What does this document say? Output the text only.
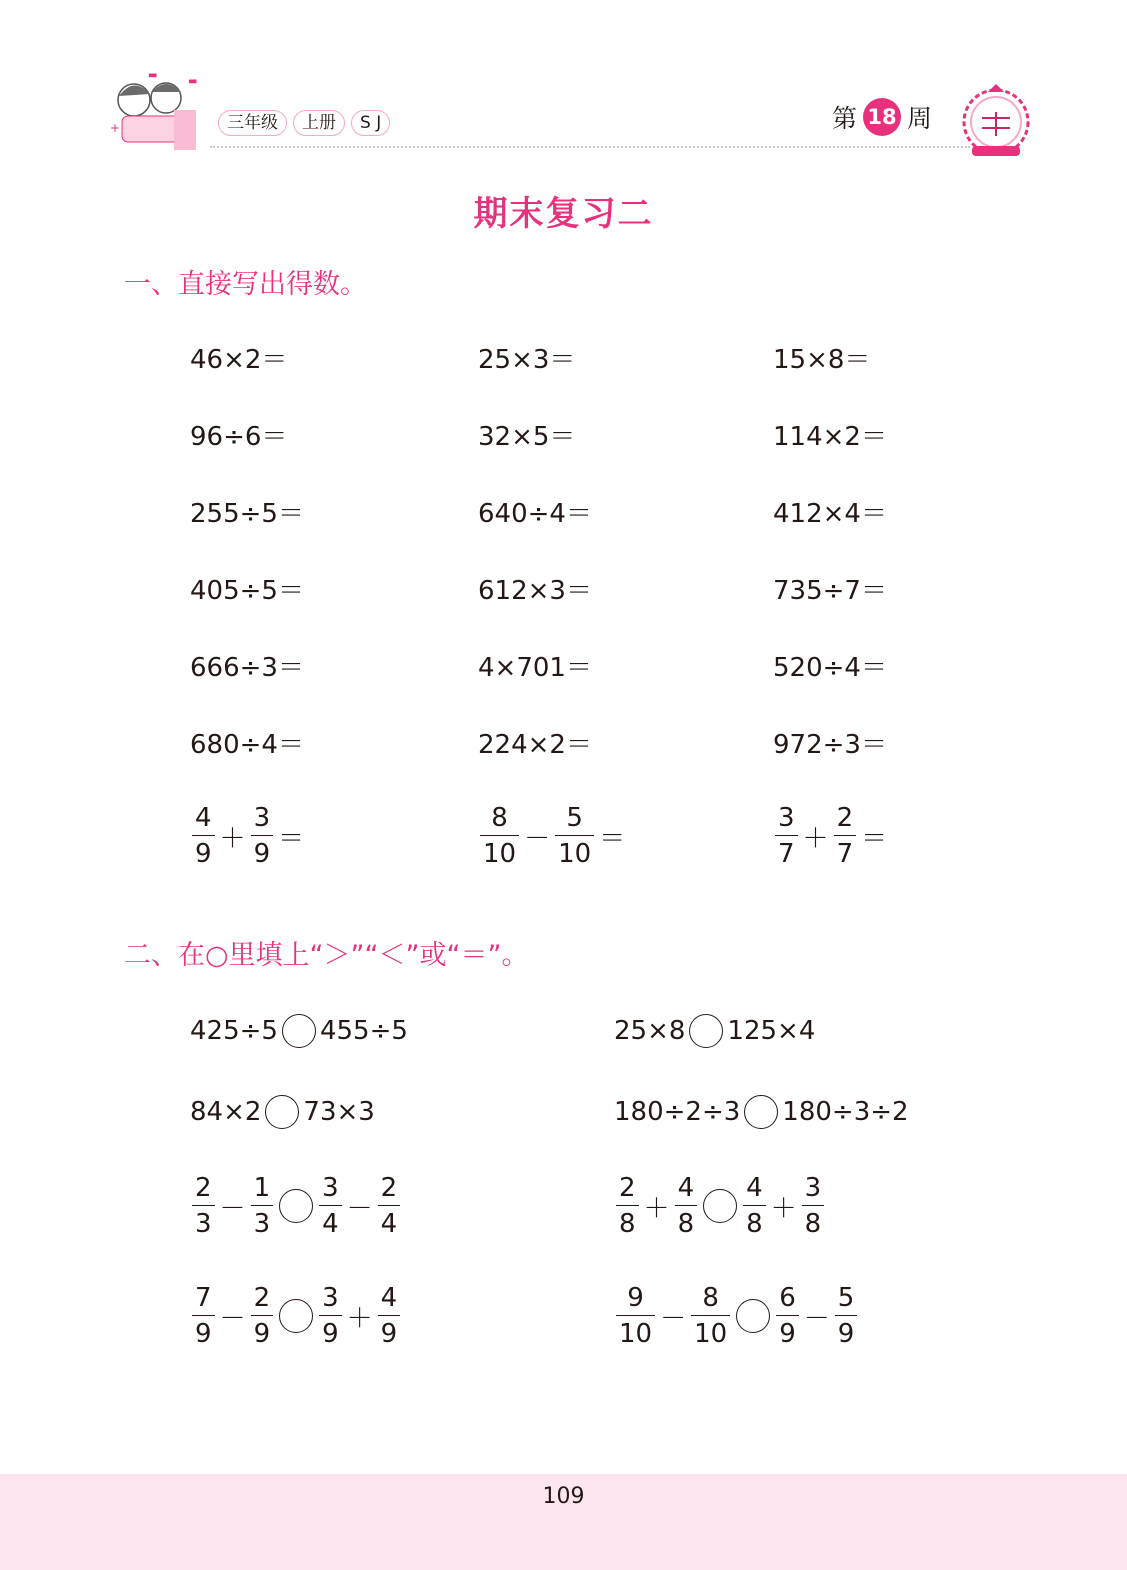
+
▬
▬
三年级	上册	S J	第 18 周
期末复习二
一、直接写出得数。
46×2＝	25×3＝	15×8＝
96÷6＝	32×5＝	114×2＝
255÷5＝	640÷4＝	412×4＝
405÷5＝	612×3＝	735÷7＝
666÷3＝	4×701＝	520÷4＝
680÷4＝	224×2＝	972÷3＝
$\frac{4}{9} + \frac{3}{9}$ ＝	$\frac{8}{10} - \frac{5}{10}$ ＝	$\frac{3}{7} + \frac{2}{7}$ ＝
二、在○里填上“＞”“＜”或“＝”。
425÷5 455÷5	25×8 125×4
84×2 73×3	180÷2÷3 180÷3÷2
$\frac{2}{3} - \frac{1}{3} \frac{3}{4} - \frac{2}{4}$	$\frac{2}{8} + \frac{4}{8} \frac{4}{8} + \frac{3}{8}$
$\frac{7}{9} - \frac{2}{9} \frac{3}{9} + \frac{4}{9}$	$\frac{9}{10} - \frac{8}{10} \frac{6}{9} - \frac{5}{9}$
109
